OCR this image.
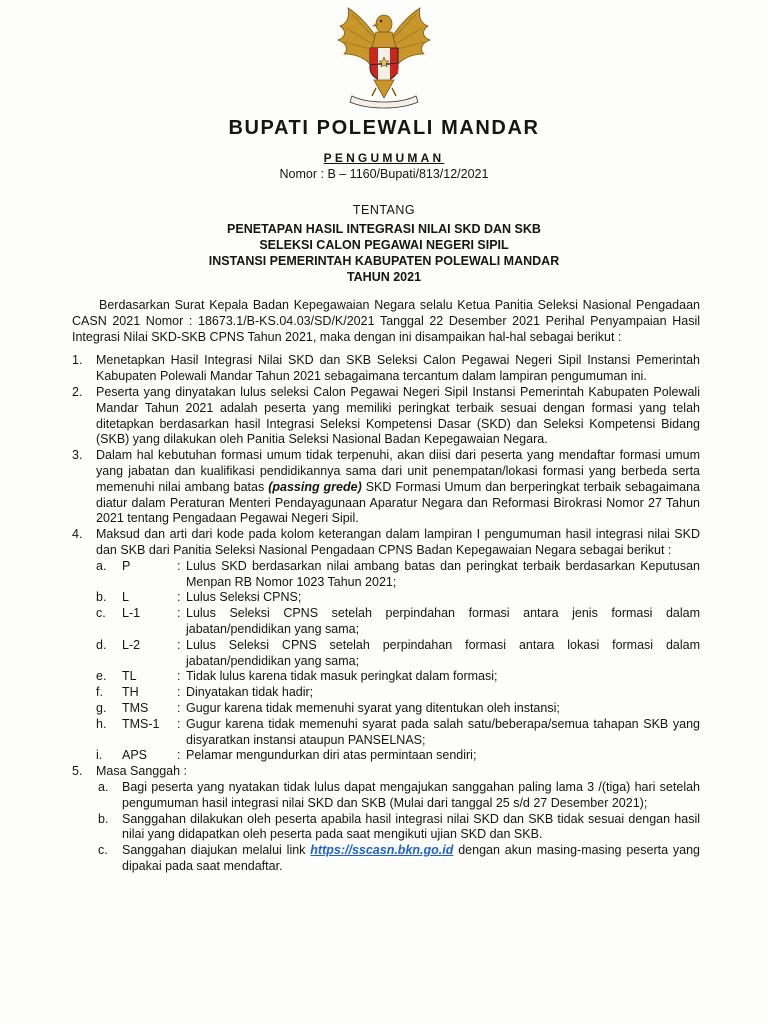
BUPATI POLEWALI MANDAR
PENGUMUMAN
Nomor : B – 1160/Bupati/813/12/2021
TENTANG
PENETAPAN HASIL INTEGRASI NILAI SKD DAN SKB
SELEKSI CALON PEGAWAI NEGERI SIPIL
INSTANSI PEMERINTAH KABUPATEN POLEWALI MANDAR
TAHUN 2021
Berdasarkan Surat Kepala Badan Kepegawaian Negara selalu Ketua Panitia Seleksi Nasional Pengadaan CASN 2021 Nomor : 18673.1/B-KS.04.03/SD/K/2021 Tanggal 22 Desember 2021 Perihal Penyampaian Hasil Integrasi Nilai SKD-SKB CPNS Tahun 2021, maka dengan ini disampaikan hal-hal sebagai berikut :
1. Menetapkan Hasil Integrasi Nilai SKD dan SKB Seleksi Calon Pegawai Negeri Sipil Instansi Pemerintah Kabupaten Polewali Mandar Tahun 2021 sebagaimana tercantum dalam lampiran pengumuman ini.
2. Peserta yang dinyatakan lulus seleksi Calon Pegawai Negeri Sipil Instansi Pemerintah Kabupaten Polewali Mandar Tahun 2021 adalah peserta yang memiliki peringkat terbaik sesuai dengan formasi yang telah ditetapkan berdasarkan hasil Integrasi Seleksi Kompetensi Dasar (SKD) dan Seleksi Kompetensi Bidang (SKB) yang dilakukan oleh Panitia Seleksi Nasional Badan Kepegawaian Negara.
3. Dalam hal kebutuhan formasi umum tidak terpenuhi, akan diisi dari peserta yang mendaftar formasi umum yang jabatan dan kualifikasi pendidikannya sama dari unit penempatan/lokasi formasi yang berbeda serta memenuhi nilai ambang batas (passing grede) SKD Formasi Umum dan berperingkat terbaik sebagaimana diatur dalam Peraturan Menteri Pendayagunaan Aparatur Negara dan Reformasi Birokrasi Nomor 27 Tahun 2021 tentang Pengadaan Pegawai Negeri Sipil.
4. Maksud dan arti dari kode pada kolom keterangan dalam lampiran I pengumuman hasil integrasi nilai SKD dan SKB dari Panitia Seleksi Nasional Pengadaan CPNS Badan Kepegawaian Negara sebagai berikut :
a. P	: Lulus SKD berdasarkan nilai ambang batas dan peringkat terbaik berdasarkan Keputusan Menpan RB Nomor 1023 Tahun 2021;
b. L	: Lulus Seleksi CPNS;
c. L-1	: Lulus Seleksi CPNS setelah perpindahan formasi antara jenis formasi dalam jabatan/pendidikan yang sama;
d. L-2	: Lulus Seleksi CPNS setelah perpindahan formasi antara lokasi formasi dalam jabatan/pendidikan yang sama;
e. TL	: Tidak lulus karena tidak masuk peringkat dalam formasi;
f. TH	: Dinyatakan tidak hadir;
g. TMS : Gugur karena tidak memenuhi syarat yang ditentukan oleh instansi;
h. TMS-1 : Gugur karena tidak memenuhi syarat pada salah satu/beberapa/semua tahapan SKB yang disyaratkan instansi ataupun PANSELNAS;
i. APS : Pelamar mengundurkan diri atas permintaan sendiri;
5. Masa Sanggah :
a. Bagi peserta yang nyatakan tidak lulus dapat mengajukan sanggahan paling lama 3 /(tiga) hari setelah pengumuman hasil integrasi nilai SKD dan SKB (Mulai dari tanggal 25 s/d 27 Desember 2021);
b. Sanggahan dilakukan oleh peserta apabila hasil integrasi nilai SKD dan SKB tidak sesuai dengan hasil nilai yang didapatkan oleh peserta pada saat mengikuti ujian SKD dan SKB.
c. Sanggahan diajukan melalui link https://sscasn.bkn.go.id dengan akun masing-masing peserta yang dipakai pada saat mendaftar.
